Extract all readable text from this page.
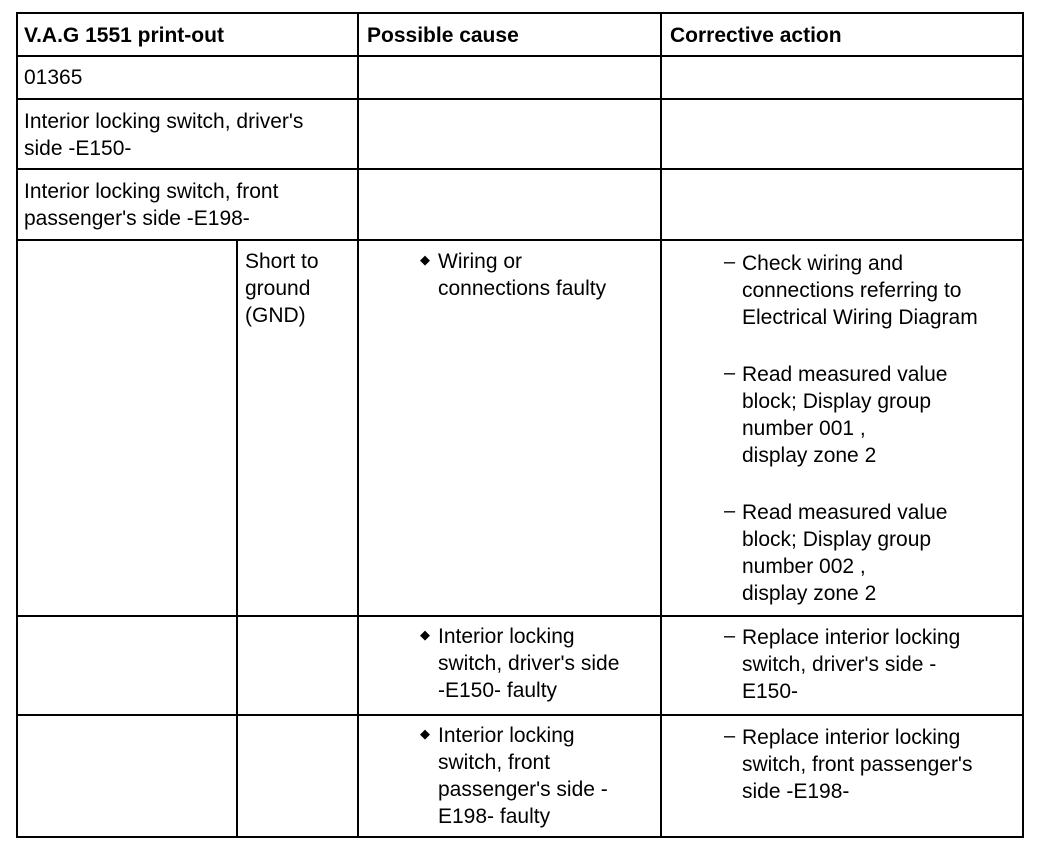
V.A.G 1551 print-out	Possible cause	Corrective action
01365
Interior locking switch, driver's
side -E150-
Interior locking switch, front
passenger's side -E198-
Short to
ground
(GND)
◆ Wiring or
connections faulty
◆ Interior locking
switch, driver's side
-E150- faulty
◆ Interior locking
switch, front
passenger's side -
E198- faulty
– Check wiring and
connections referring to
Electrical Wiring Diagram
– Read measured value
block; Display group
number 001 ,
display zone 2
– Read measured value
block; Display group
number 002 ,
display zone 2
– Replace interior locking
switch, driver's side -
E150-
– Replace interior locking
switch, front passenger's
side -E198-
